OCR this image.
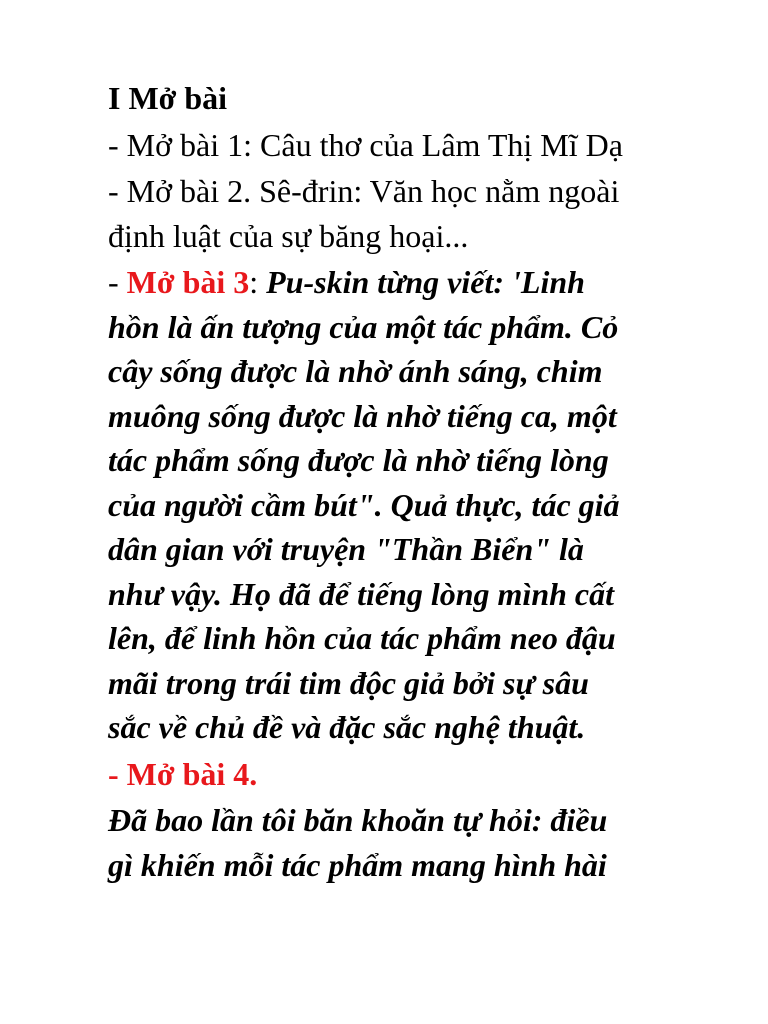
I Mở bài
- Mở bài 1: Câu thơ của Lâm Thị Mĩ Dạ
- Mở bài 2. Sê-đrin: Văn học nằm ngoài
định luật của sự băng hoại...
- Mở bài 3: Pu-skin từng viết: 'Linh
hồn là ấn tượng của một tác phẩm. Cỏ
cây sống được là nhờ ánh sáng, chim
muông sống được là nhờ tiếng ca, một
tác phẩm sống được là nhờ tiếng lòng
của người cầm bút". Quả thực, tác giả
dân gian với truyện "Thần Biển" là
như vậy. Họ đã để tiếng lòng mình cất
lên, để linh hồn của tác phẩm neo đậu
mãi trong trái tim độc giả bởi sự sâu
sắc về chủ đề và đặc sắc nghệ thuật.
- Mở bài 4.
Đã bao lần tôi băn khoăn tự hỏi: điều
gì khiến mỗi tác phẩm mang hình hài
